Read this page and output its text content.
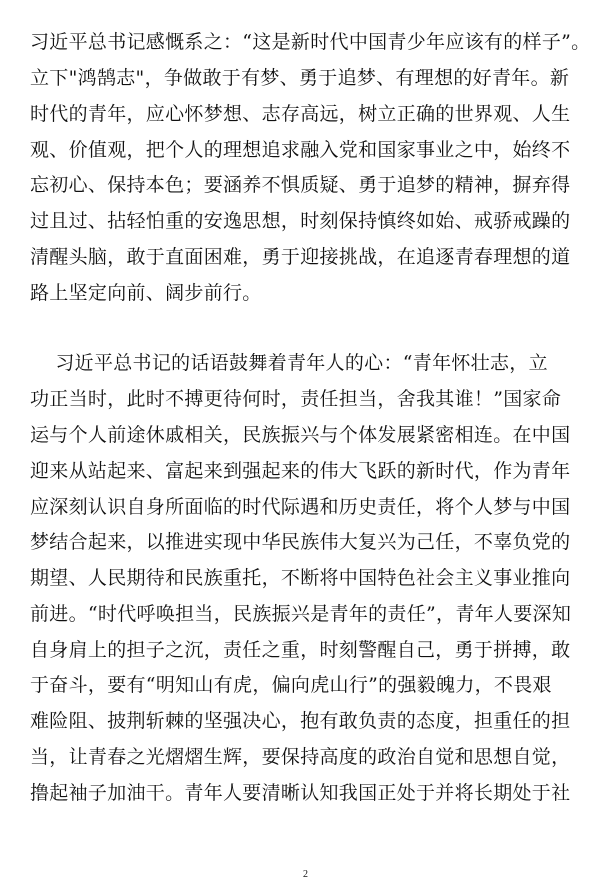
习近平总书记感慨系之：“这是新时代中国青少年应该有的样子”。
立下"鸿鹄志"，争做敢于有梦、勇于追梦、有理想的好青年。新
时代的青年，应心怀梦想、志存高远，树立正确的世界观、人生
观、价值观，把个人的理想追求融入党和国家事业之中，始终不
忘初心、保持本色；要涵养不惧质疑、勇于追梦的精神，摒弃得
过且过、拈轻怕重的安逸思想，时刻保持慎终如始、戒骄戒躁的
清醒头脑，敢于直面困难，勇于迎接挑战，在追逐青春理想的道
路上坚定向前、阔步前行。
习近平总书记的话语鼓舞着青年人的心：“青年怀壮志，立
功正当时，此时不搏更待何时，责任担当，舍我其谁！”国家命
运与个人前途休戚相关，民族振兴与个体发展紧密相连。在中国
迎来从站起来、富起来到强起来的伟大飞跃的新时代，作为青年
应深刻认识自身所面临的时代际遇和历史责任，将个人梦与中国
梦结合起来，以推进实现中华民族伟大复兴为己任，不辜负党的
期望、人民期待和民族重托，不断将中国特色社会主义事业推向
前进。“时代呼唤担当，民族振兴是青年的责任”，青年人要深知
自身肩上的担子之沉，责任之重，时刻警醒自己，勇于拼搏，敢
于奋斗，要有“明知山有虎，偏向虎山行”的强毅魄力，不畏艰
难险阻、披荆斩棘的坚强决心，抱有敢负责的态度，担重任的担
当，让青春之光熠熠生辉，要保持高度的政治自觉和思想自觉，
撸起袖子加油干。青年人要清晰认知我国正处于并将长期处于社
2
